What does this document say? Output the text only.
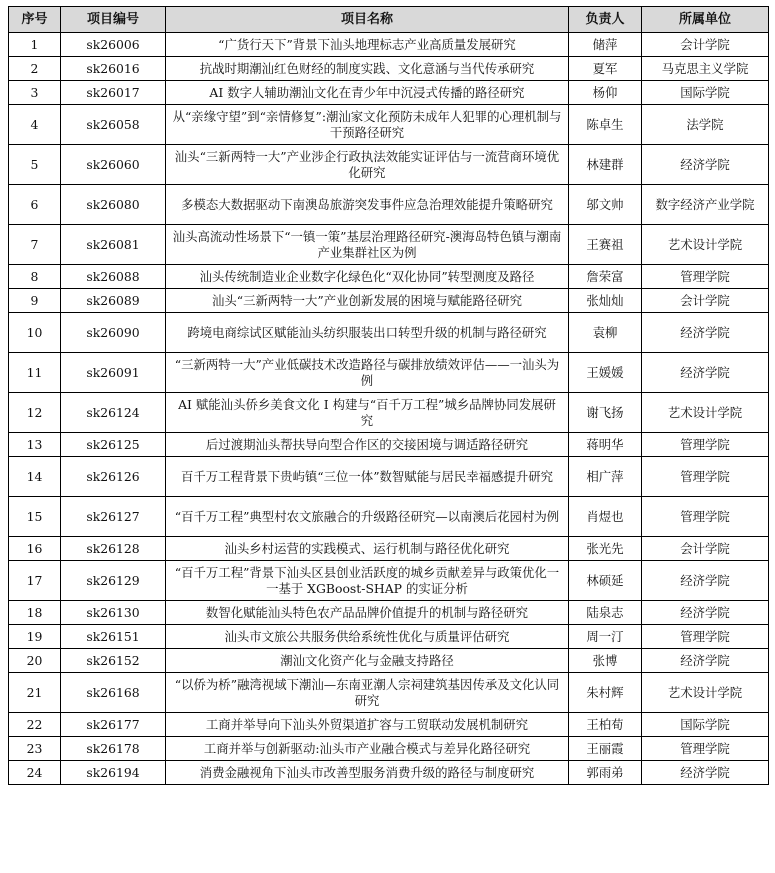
序号	项目编号	项目名称	负责人	所属单位
1	sk26006	“广货行天下”背景下汕头地理标志产业高质量发展研究	储萍	会计学院
2	sk26016	抗战时期潮汕红色财经的制度实践、文化意涵与当代传承研究	夏军	马克思主义学院
3	sk26017	AI 数字人辅助潮汕文化在青少年中沉浸式传播的路径研究	杨仰	国际学院
4	sk26058	从“亲缘守望”到“亲情修复”:潮汕家文化预防未成年人犯罪的心理机制与干预路径研究	陈卓生	法学院
5	sk26060	汕头“三新两特一大”产业涉企行政执法效能实证评估与一流营商环境优化研究	林建群	经济学院
6	sk26080	多模态大数据驱动下南澳岛旅游突发事件应急治理效能提升策略研究	邬文帅	数字经济产业学院
7	sk26081	汕头高流动性场景下“一镇一策”基层治理路径研究-澳海岛特色镇与潮南产业集群社区为例	王赛祖	艺术设计学院
8	sk26088	汕头传统制造业企业数字化绿色化“双化协同”转型测度及路径	詹荣富	管理学院
9	sk26089	汕头“三新两特一大”产业创新发展的困境与赋能路径研究	张灿灿	会计学院
10	sk26090	跨境电商综试区赋能汕头纺织服装出口转型升级的机制与路径研究	袁柳	经济学院
11	sk26091	“三新两特一大”产业低碳技术改造路径与碳排放绩效评估——一汕头为例	王媛媛	经济学院
12	sk26124	AI 赋能汕头侨乡美食文化 I 构建与“百千万工程”城乡品牌协同发展研究	谢飞扬	艺术设计学院
13	sk26125	后过渡期汕头帮扶导向型合作区的交接困境与调适路径研究	蒋明华	管理学院
14	sk26126	百千万工程背景下贵屿镇“三位一体”数智赋能与居民幸福感提升研究	相广萍	管理学院
15	sk26127	“百千万工程”典型村农文旅融合的升级路径研究—以南澳后花园村为例	肖煜也	管理学院
16	sk26128	汕头乡村运营的实践模式、运行机制与路径优化研究	张光先	会计学院
17	sk26129	“百千万工程”背景下汕头区县创业活跃度的城乡贡献差异与政策优化一一基于 XGBoost-SHAP 的实证分析	林硕延	经济学院
18	sk26130	数智化赋能汕头特色农产品品牌价值提升的机制与路径研究	陆泉志	经济学院
19	sk26151	汕头市文旅公共服务供给系统性优化与质量评估研究	周一汀	管理学院
20	sk26152	潮汕文化资产化与金融支持路径	张博	经济学院
21	sk26168	“以侨为桥”融湾视域下潮汕—东南亚潮人宗祠建筑基因传承及文化认同研究	朱村辉	艺术设计学院
22	sk26177	工商并举导向下汕头外贸渠道扩容与工贸联动发展机制研究	王柏荀	国际学院
23	sk26178	工商并举与创新驱动:汕头市产业融合模式与差异化路径研究	王丽霞	管理学院
24	sk26194	消费金融视角下汕头市改善型服务消费升级的路径与制度研究	郭雨弟	经济学院
